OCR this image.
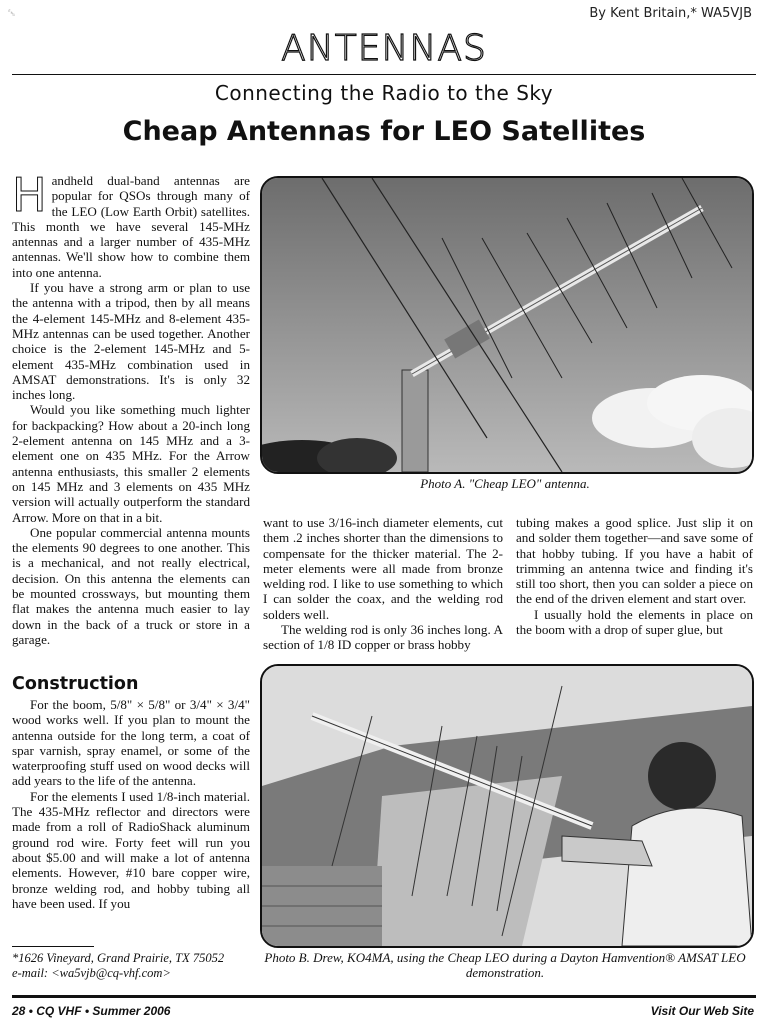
␛	By Kent Britain,* WA5VJB
ANTENNAS
Connecting the Radio to the Sky
Cheap Antennas for LEO Satellites
H andheld dual-band antennas are popular for QSOs through many of the LEO (Low Earth Orbit) satellites. This month we have several 145-MHz antennas and a larger number of 435-MHz antennas. We'll show how to combine them into one antenna.

If you have a strong arm or plan to use the antenna with a tripod, then by all means the 4-element 145-MHz and 8-element 435-MHz antennas can be used together. Another choice is the 2-element 145-MHz and 5-element 435-MHz combination used in AMSAT demonstrations. It's is only 32 inches long.

Would you like something much lighter for backpacking? How about a 20-inch long 2-element antenna on 145 MHz and a 3-element one on 435 MHz. For the Arrow antenna enthusiasts, this smaller 2 elements on 145 MHz and 3 elements on 435 MHz version will actually outperform the standard Arrow. More on that in a bit.

One popular commercial antenna mounts the elements 90 degrees to one another. This is a mechanical, and not really electrical, decision. On this antenna the elements can be mounted crossways, but mounting them flat makes the antenna much easier to lay down in the back of a truck or store in a garage.

Photo A. "Cheap LEO" antenna.

want to use 3/16-inch diameter elements, cut them .2 inches shorter than the dimensions to compensate for the thicker material. The 2-meter elements were all made from bronze welding rod. I like to use something to which I can solder the coax, and the welding rod solders well.

The welding rod is only 36 inches long. A section of 1/8 ID copper or brass hobby

tubing makes a good splice. Just slip it on and solder them together—and save some of that hobby tubing. If you have a habit of trimming an antenna twice and finding it's still too short, then you can solder a piece on the end of the driven element and start over.

I usually hold the elements in place on the boom with a drop of super glue, but

Construction

For the boom, 5/8" × 5/8" or 3/4" × 3/4" wood works well. If you plan to mount the antenna outside for the long term, a coat of spar varnish, spray enamel, or some of the waterproofing stuff used on wood decks will add years to the life of the antenna.

For the elements I used 1/8-inch material. The 435-MHz reflector and directors were made from a roll of RadioShack aluminum ground rod wire. Forty feet will run you about $5.00 and will make a lot of antenna elements. However, #10 bare copper wire, bronze welding rod, and hobby tubing all have been used. If you

Photo B. Drew, KO4MA, using the Cheap LEO during a Dayton Hamvention® AMSAT LEO demonstration.
*1626 Vineyard, Grand Prairie, TX 75052
e-mail: <wa5vjb@cq-vhf.com>
28 • CQ VHF • Summer 2006	Visit Our Web Site
